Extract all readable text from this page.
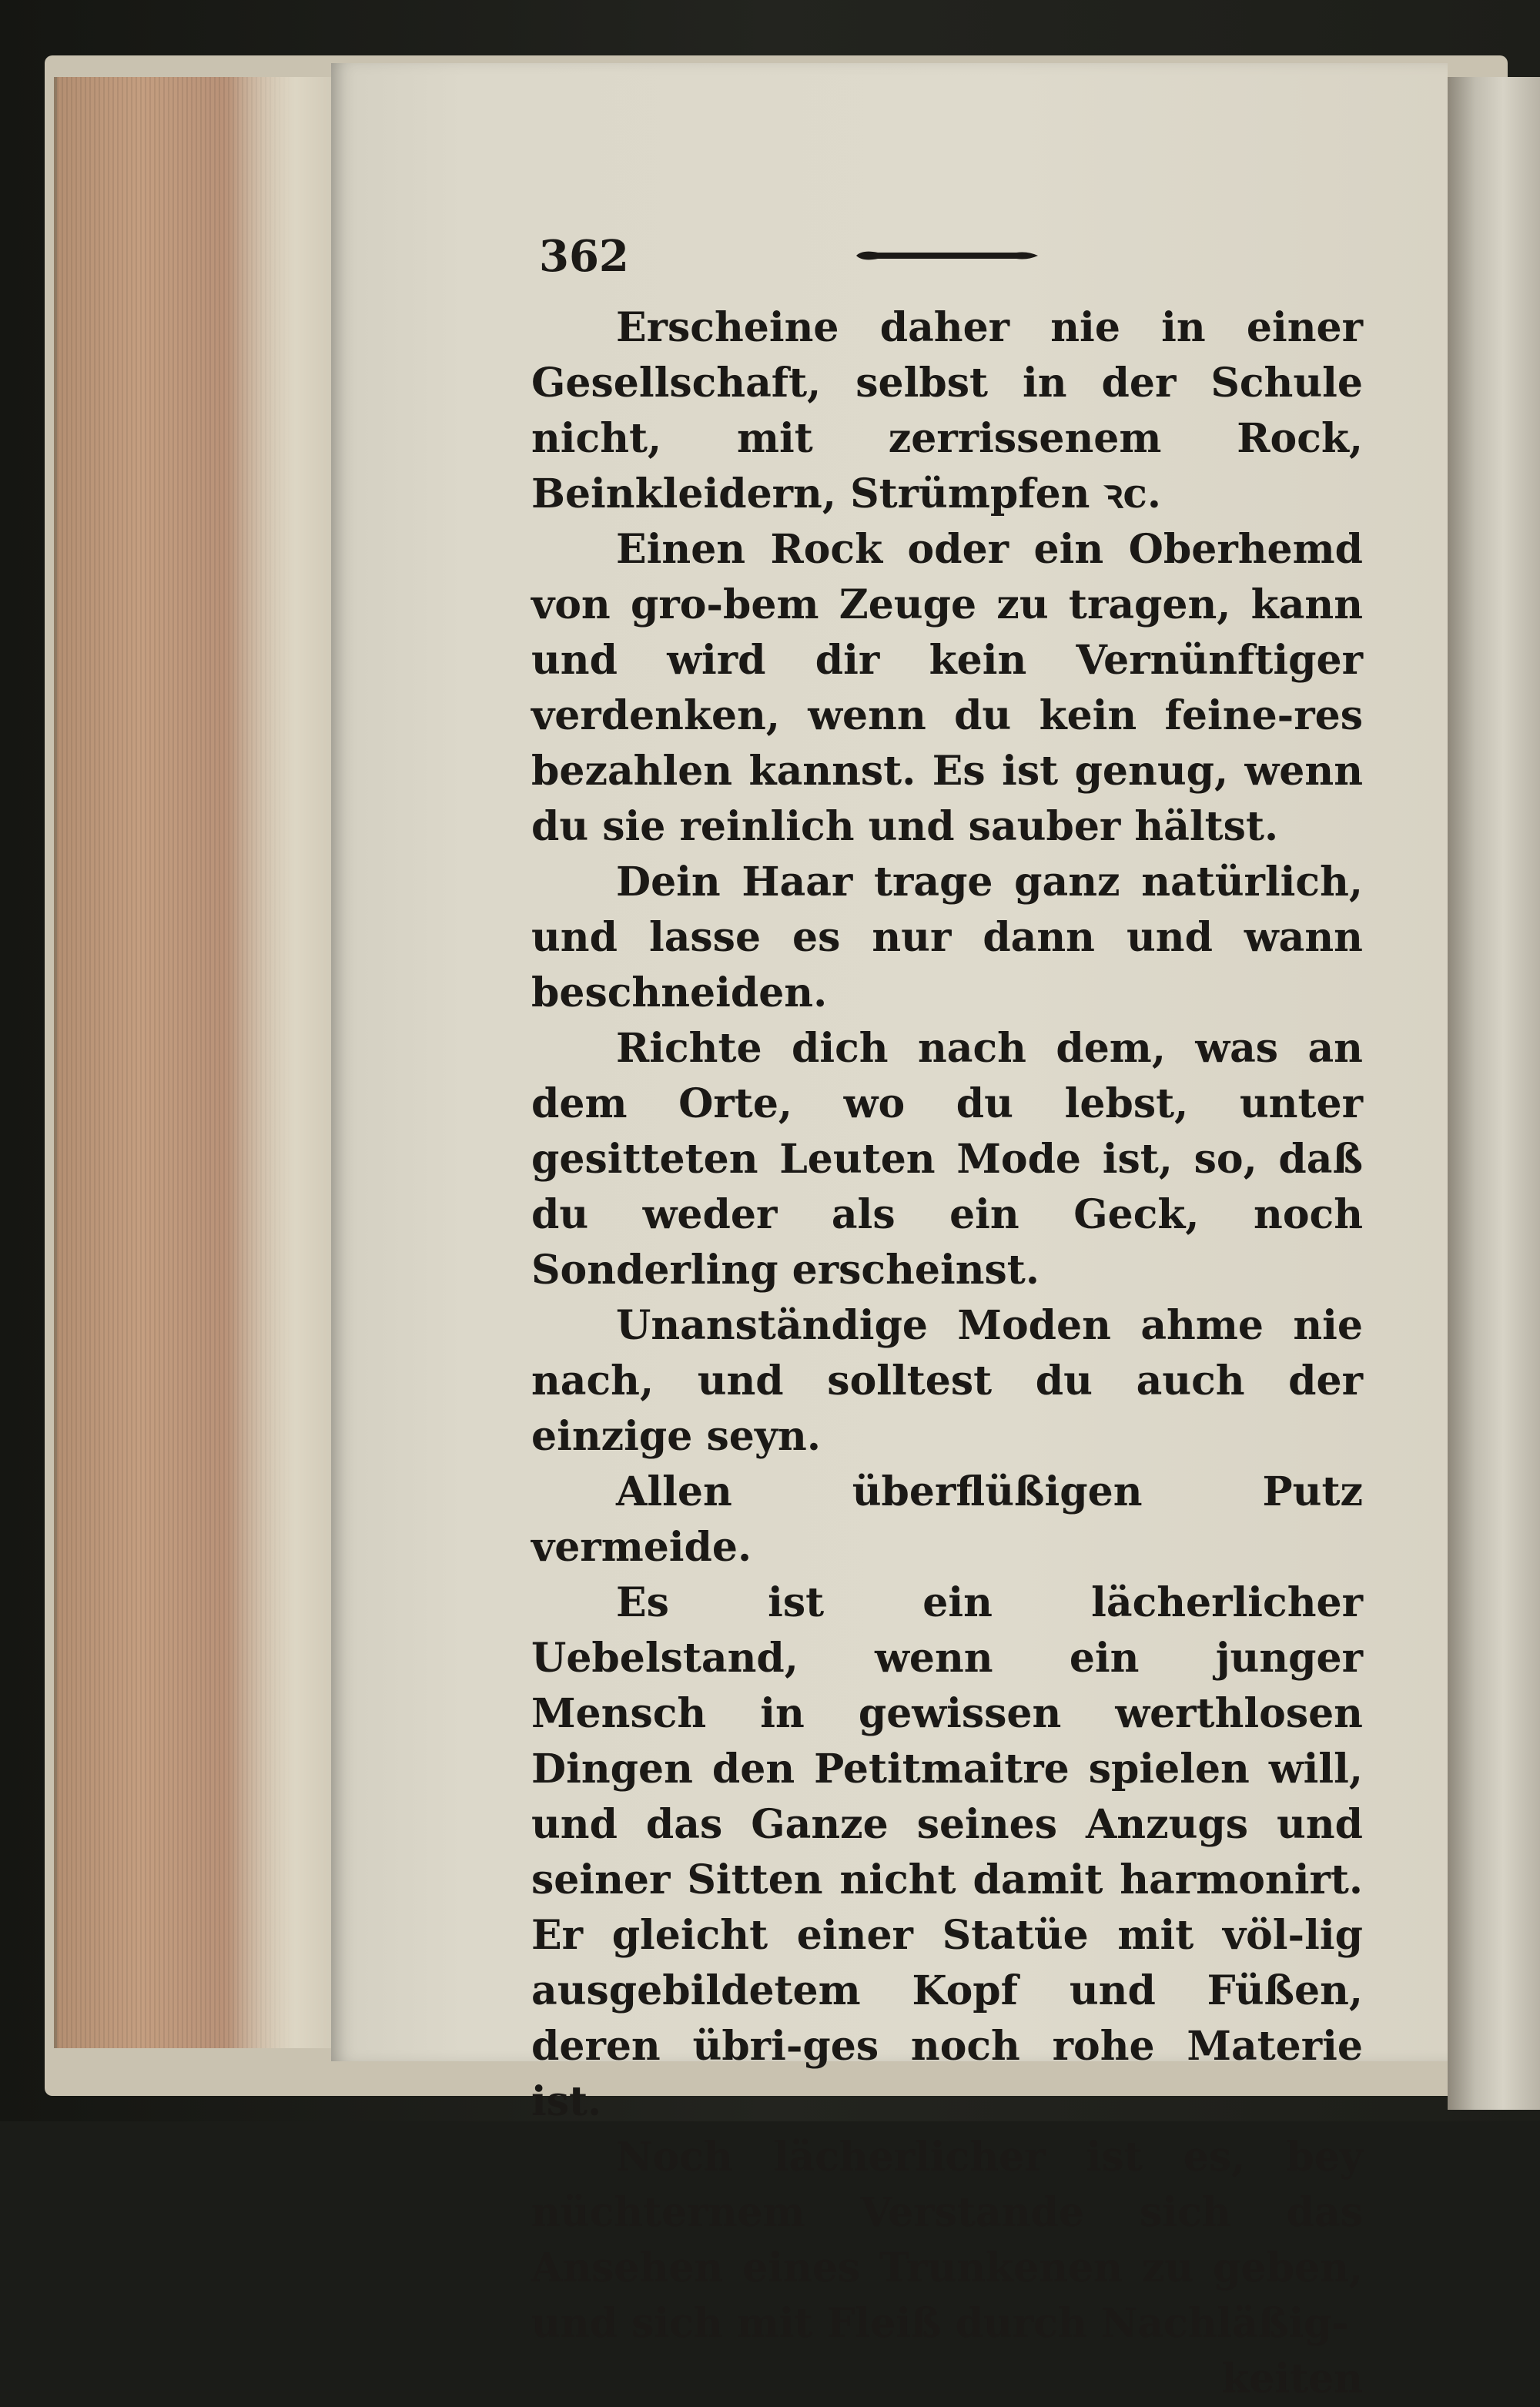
362

Erscheine daher nie in einer Gesellschaft, selbst in der Schule nicht, mit zerrissenem Rock, Beinkleidern, Strümpfen ꝛc.

Einen Rock oder ein Oberhemd von gro-bem Zeuge zu tragen, kann und wird dir kein Vernünftiger verdenken, wenn du kein feine-res bezahlen kannst. Es ist genug, wenn du sie reinlich und sauber hältst.

Dein Haar trage ganz natürlich, und lasse es nur dann und wann beschneiden.

Richte dich nach dem, was an dem Orte, wo du lebst, unter gesitteten Leuten Mode ist, so, daß du weder als ein Geck, noch Sonderling erscheinst.

Unanständige Moden ahme nie nach, und solltest du auch der einzige seyn.

Allen überflüßigen Putz vermeide.

Es ist ein lächerlicher Uebelstand, wenn ein junger Mensch in gewissen werthlosen Dingen den Petitmaitre spielen will, und das Ganze seines Anzugs und seiner Sitten nicht damit harmonirt. Er gleicht einer Statüe mit völ-lig ausgebildetem Kopf und Füßen, deren übri-ges noch rohe Materie ist.

Noch lächerlicher ist es, bey nüchternem Verstande sich das Ansehen eines Trunkenen zu geben, und sich mit Fleiß durch Nachläßig-

keiten
